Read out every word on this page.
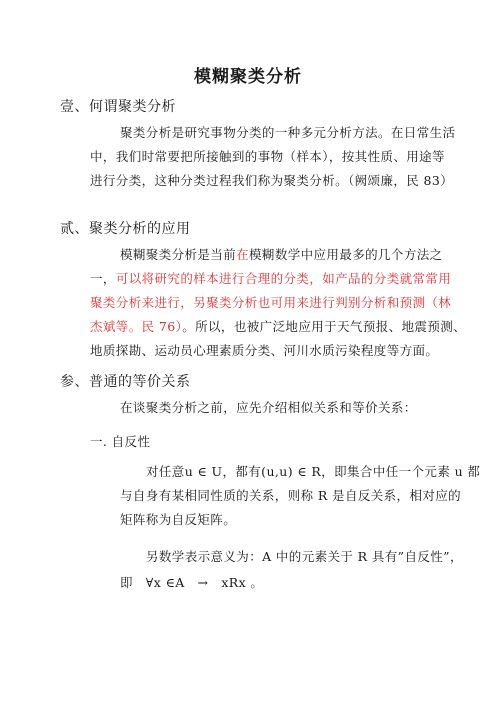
模糊聚类分析
壹、何谓聚类分析
聚类分析是研究事物分类的一种多元分析方法。在日常生活
中，我们时常要把所接触到的事物（样本），按其性质、用途等
进行分类，这种分类过程我们称为聚类分析。（阙颂廉，民 83）
贰、聚类分析的应用
模糊聚类分析是当前在模糊数学中应用最多的几个方法之
一，可以将研究的样本进行合理的分类，如产品的分类就常常用
聚类分析来进行，另聚类分析也可用来进行判别分析和预测（林
杰斌等。民 76）。所以，也被广泛地应用于天气预报、地震预测、
地质探勘、运动员心理素质分类、河川水质污染程度等方面。
参、普通的等价关系
在谈聚类分析之前，应先介绍相似关系和等价关系：
一. 自反性
对任意u ∈ U，都有(u,u) ∈ R，即集合中任一个元素 u 都
与自身有某相同性质的关系，则称 R 是自反关系，相对应的
矩阵称为自反矩阵。
另数学表示意义为：A 中的元素关于 R 具有”自反性”，
即　∀x ∈A　→　xRx 。
